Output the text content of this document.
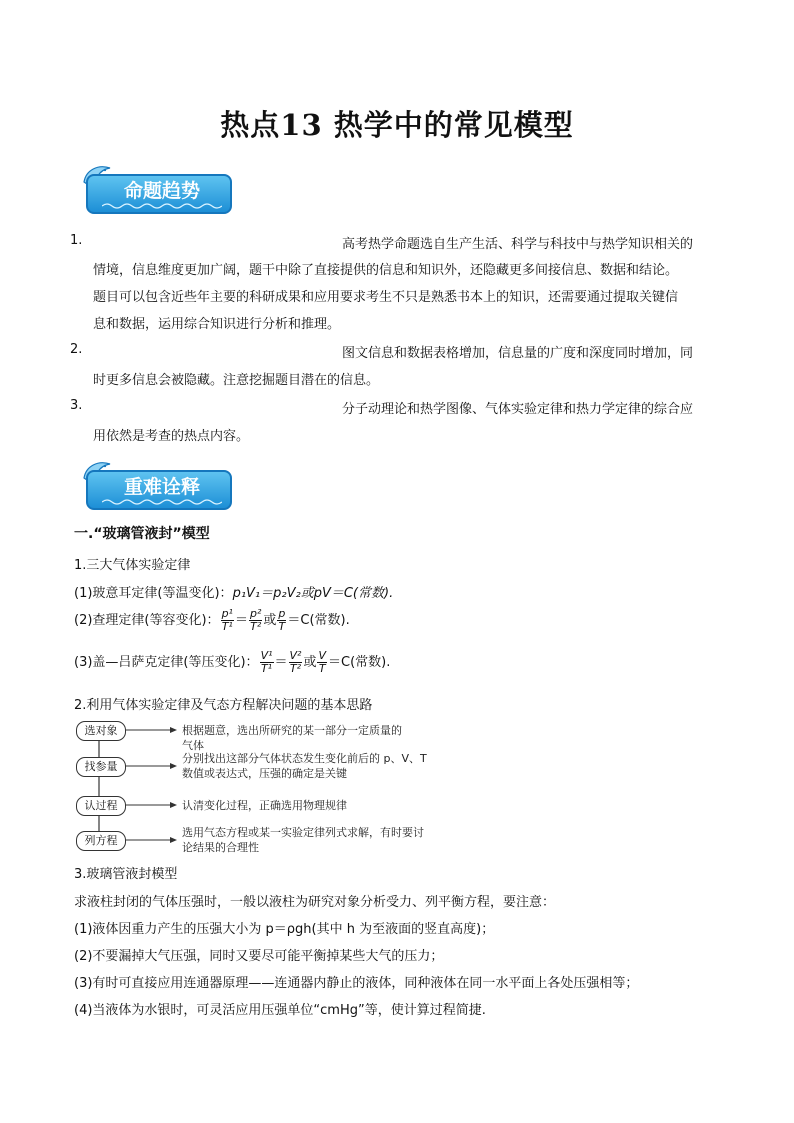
热点13 热学中的常见模型
命题趋势
1.	高考热学命题选自生产生活、科学与科技中与热学知识相关的
情境，信息维度更加广阔，题干中除了直接提供的信息和知识外，还隐藏更多间接信息、数据和结论。
题目可以包含近些年主要的科研成果和应用要求考生不只是熟悉书本上的知识，还需要通过提取关键信
息和数据，运用综合知识进行分析和推理。
2.	图文信息和数据表格增加，信息量的广度和深度同时增加，同
时更多信息会被隐藏。注意挖掘题目潜在的信息。
3.	分子动理论和热学图像、气体实验定律和热力学定律的综合应
用依然是考查的热点内容。
重难诠释
一.“玻璃管液封”模型
1.三大气体实验定律
(1)玻意耳定律(等温变化)：p₁V₁＝p₂V₂或pV＝C(常数).
(2)查理定律(等容变化)： $\frac{\text{p¹}}{\text{T¹}} = \frac{\text{p²}}{\text{T²}}$ 或 $\frac{p}{T} =C$(常数).
(3)盖—吕萨克定律(等压变化)： $\frac{\text{V¹}}{\text{T¹}} = \frac{\text{V²}}{\text{T²}}$ 或 $\frac{V}{T} =C$(常数).
2.利用气体实验定律及气态方程解决问题的基本思路
选对象	根据题意，选出所研究的某一部分一定质量的气体
找参量
分别找出这部分气体状态发生变化前后的 p、V、T
数值或表达式，压强的确定是关键
认过程	认清变化过程，正确选用物理规律
列方程
选用气态方程或某一实验定律列式求解，有时要讨
论结果的合理性
3.玻璃管液封模型
求液柱封闭的气体压强时，一般以液柱为研究对象分析受力、列平衡方程，要注意：
(1)液体因重力产生的压强大小为 p＝ρgh(其中 h 为至液面的竖直高度)；
(2)不要漏掉大气压强，同时又要尽可能平衡掉某些大气的压力；
(3)有时可直接应用连通器原理——连通器内静止的液体，同种液体在同一水平面上各处压强相等；
(4)当液体为水银时，可灵活应用压强单位“cmHg”等，使计算过程简捷.
